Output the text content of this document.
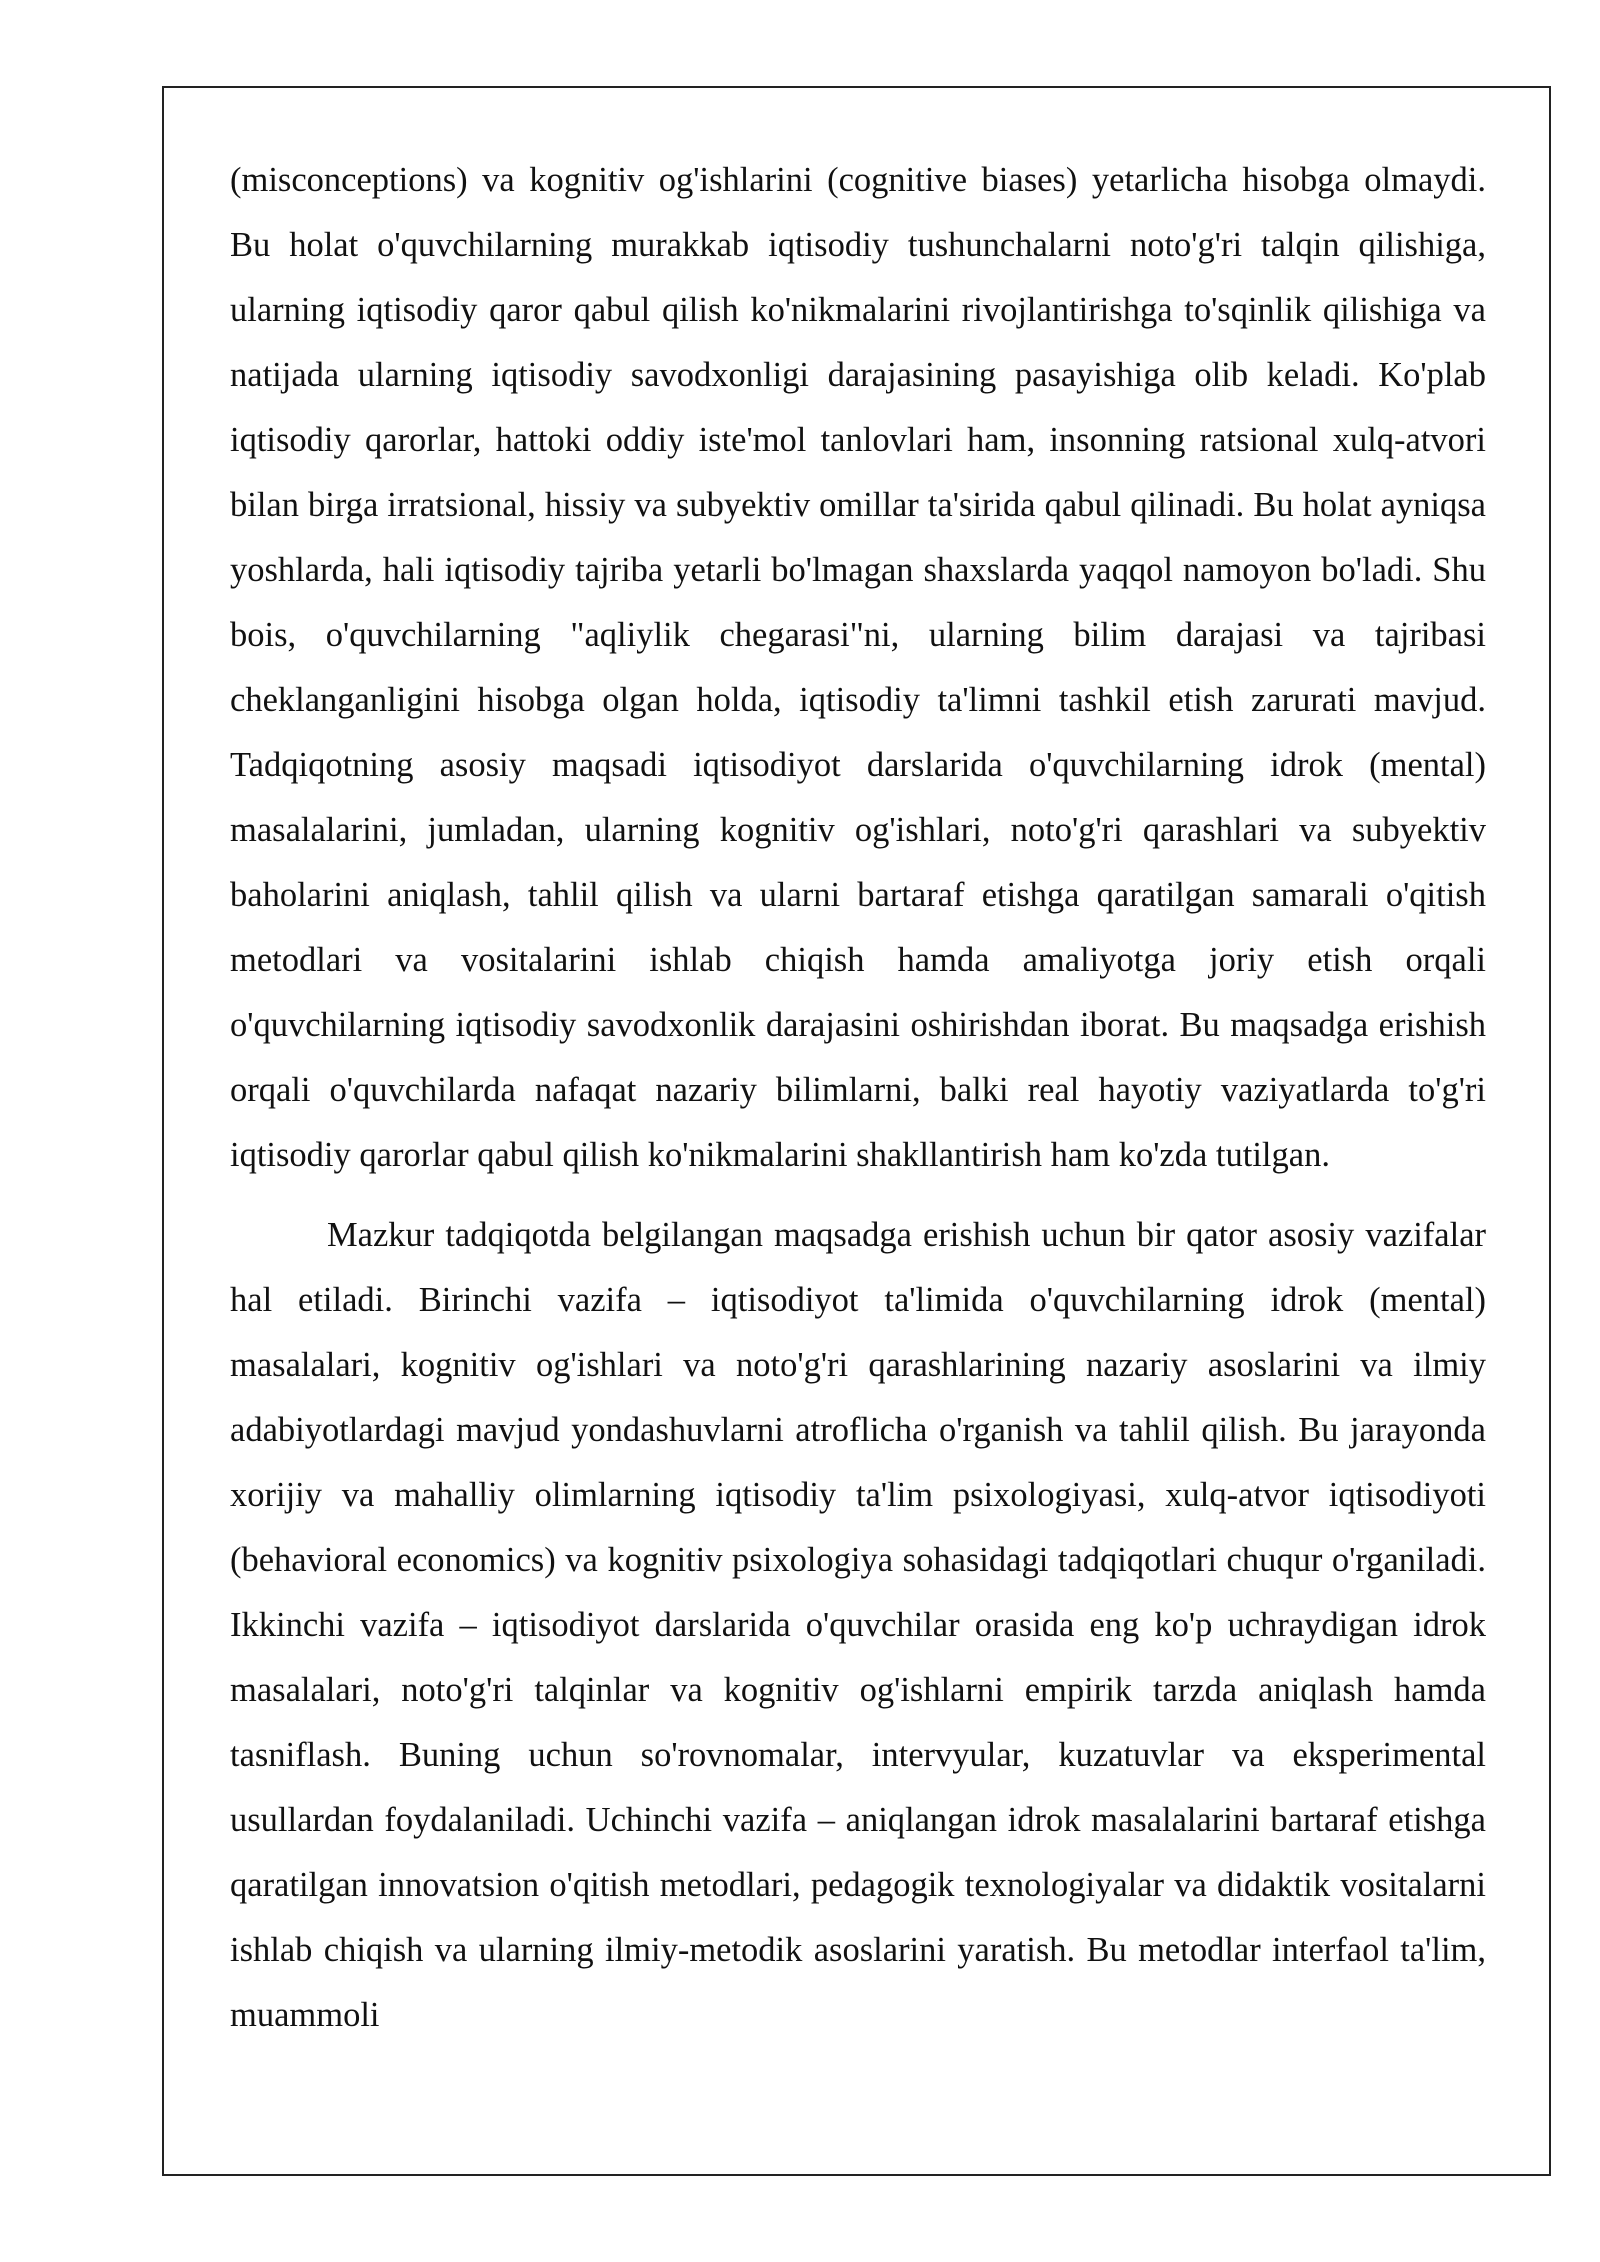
(misconceptions) va kognitiv og'ishlarini (cognitive biases) yetarlicha hisobga olmaydi. Bu holat o'quvchilarning murakkab iqtisodiy tushunchalarni noto'g'ri talqin qilishiga, ularning iqtisodiy qaror qabul qilish ko'nikmalarini rivojlantirishga to'sqinlik qilishiga va natijada ularning iqtisodiy savodxonligi darajasining pasayishiga olib keladi. Ko'plab iqtisodiy qarorlar, hattoki oddiy iste'mol tanlovlari ham, insonning ratsional xulq-atvori bilan birga irratsional, hissiy va subyektiv omillar ta'sirida qabul qilinadi. Bu holat ayniqsa yoshlarda, hali iqtisodiy tajriba yetarli bo'lmagan shaxslarda yaqqol namoyon bo'ladi. Shu bois, o'quvchilarning "aqliylik chegarasi"ni, ularning bilim darajasi va tajribasi cheklanganligini hisobga olgan holda, iqtisodiy ta'limni tashkil etish zarurati mavjud. Tadqiqotning asosiy maqsadi iqtisodiyot darslarida o'quvchilarning idrok (mental) masalalarini, jumladan, ularning kognitiv og'ishlari, noto'g'ri qarashlari va subyektiv baholarini aniqlash, tahlil qilish va ularni bartaraf etishga qaratilgan samarali o'qitish metodlari va vositalarini ishlab chiqish hamda amaliyotga joriy etish orqali o'quvchilarning iqtisodiy savodxonlik darajasini oshirishdan iborat. Bu maqsadga erishish orqali o'quvchilarda nafaqat nazariy bilimlarni, balki real hayotiy vaziyatlarda to'g'ri iqtisodiy qarorlar qabul qilish ko'nikmalarini shakllantirish ham ko'zda tutilgan.

Mazkur tadqiqotda belgilangan maqsadga erishish uchun bir qator asosiy vazifalar hal etiladi. Birinchi vazifa – iqtisodiyot ta'limida o'quvchilarning idrok (mental) masalalari, kognitiv og'ishlari va noto'g'ri qarashlarining nazariy asoslarini va ilmiy adabiyotlardagi mavjud yondashuvlarni atroflicha o'rganish va tahlil qilish. Bu jarayonda xorijiy va mahalliy olimlarning iqtisodiy ta'lim psixologiyasi, xulq-atvor iqtisodiyoti (behavioral economics) va kognitiv psixologiya sohasidagi tadqiqotlari chuqur o'rganiladi. Ikkinchi vazifa – iqtisodiyot darslarida o'quvchilar orasida eng ko'p uchraydigan idrok masalalari, noto'g'ri talqinlar va kognitiv og'ishlarni empirik tarzda aniqlash hamda tasniflash. Buning uchun so'rovnomalar, intervyular, kuzatuvlar va eksperimental usullardan foydalaniladi. Uchinchi vazifa – aniqlangan idrok masalalarini bartaraf etishga qaratilgan innovatsion o'qitish metodlari, pedagogik texnologiyalar va didaktik vositalarni ishlab chiqish va ularning ilmiy-metodik asoslarini yaratish. Bu metodlar interfaol ta'lim, muammoli
